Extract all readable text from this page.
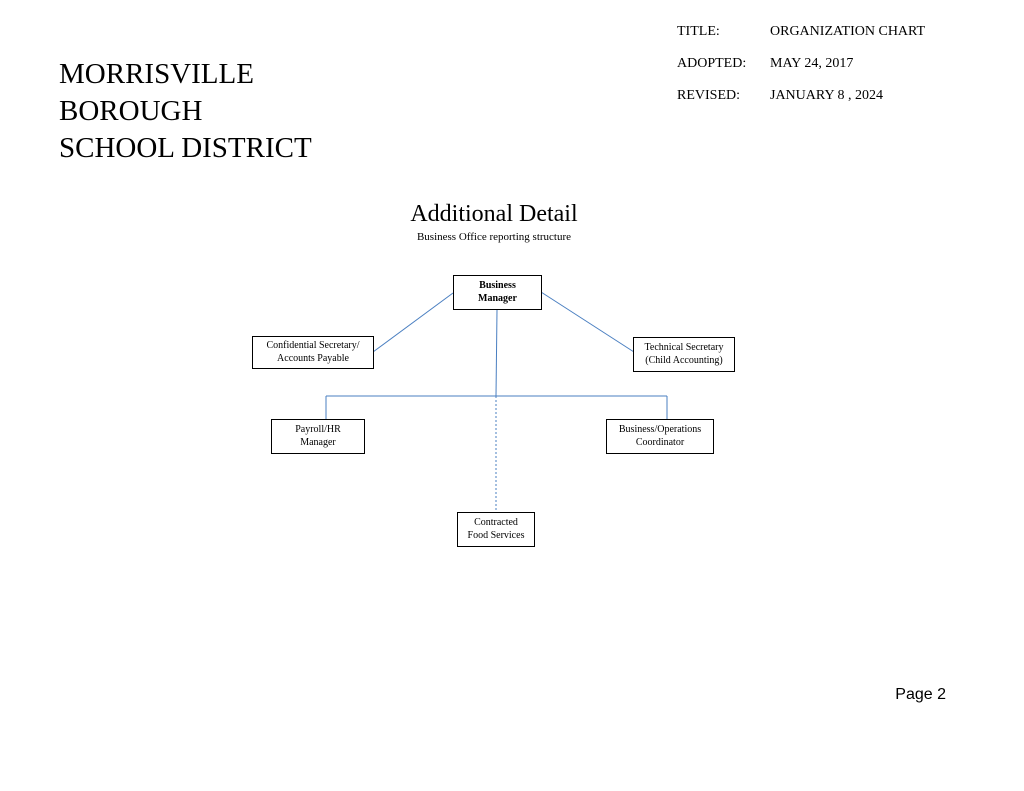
MORRISVILLE
BOROUGH
SCHOOL DISTRICT
TITLE:	ORGANIZATION CHART
ADOPTED:	MAY 24, 2017
REVISED:	JANUARY 8 , 2024
Additional Detail
Business Office reporting structure
Business
Manager
Confidential Secretary/
Accounts Payable
Technical Secretary
(Child Accounting)
Payroll/HR
Manager
Business/Operations
Coordinator
Contracted
Food Services
Page 2
